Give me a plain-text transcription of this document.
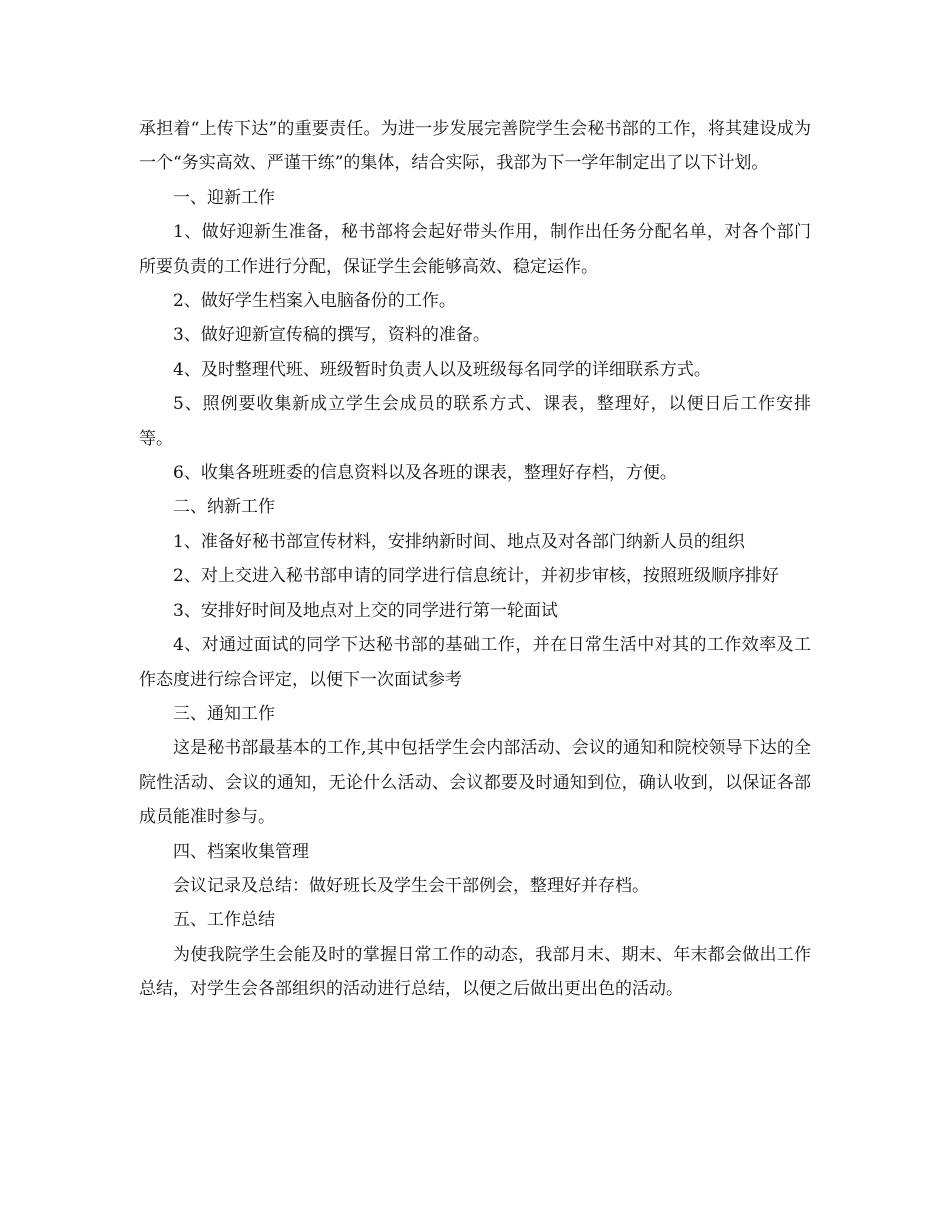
承担着“上传下达”的重要责任。为进一步发展完善院学生会秘书部的工作，将其建设成为一个“务实高效、严谨干练”的集体，结合实际，我部为下一学年制定出了以下计划。

一、迎新工作

1、做好迎新生准备，秘书部将会起好带头作用，制作出任务分配名单，对各个部门所要负责的工作进行分配，保证学生会能够高效、稳定运作。

2、做好学生档案入电脑备份的工作。

3、做好迎新宣传稿的撰写，资料的准备。

4、及时整理代班、班级暂时负责人以及班级每名同学的详细联系方式。

5、照例要收集新成立学生会成员的联系方式、课表，整理好，以便日后工作安排等。

6、收集各班班委的信息资料以及各班的课表，整理好存档，方便。

二、纳新工作

1、准备好秘书部宣传材料，安排纳新时间、地点及对各部门纳新人员的组织

2、对上交进入秘书部申请的同学进行信息统计，并初步审核，按照班级顺序排好

3、安排好时间及地点对上交的同学进行第一轮面试

4、对通过面试的同学下达秘书部的基础工作，并在日常生活中对其的工作效率及工作态度进行综合评定，以便下一次面试参考

三、通知工作

这是秘书部最基本的工作,其中包括学生会内部活动、会议的通知和院校领导下达的全院性活动、会议的通知，无论什么活动、会议都要及时通知到位，确认收到，以保证各部成员能准时参与。

四、档案收集管理

会议记录及总结：做好班长及学生会干部例会，整理好并存档。

五、工作总结

为使我院学生会能及时的掌握日常工作的动态，我部月末、期末、年末都会做出工作总结，对学生会各部组织的活动进行总结，以便之后做出更出色的活动。
